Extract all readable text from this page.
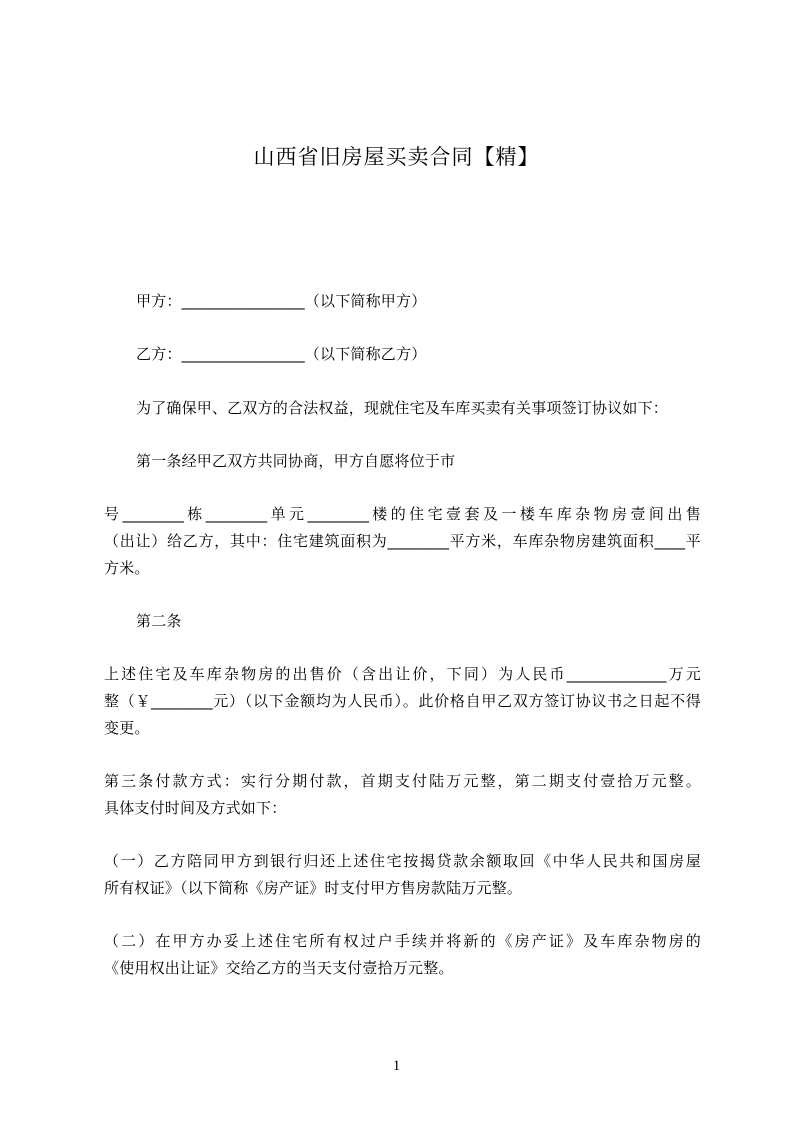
山西省旧房屋买卖合同【精】
甲方：________________（以下简称甲方）
乙方：________________（以下简称乙方）
为了确保甲、乙双方的合法权益，现就住宅及车库买卖有关事项签订协议如下：
第一条经甲乙双方共同协商，甲方自愿将位于市
号________栋________单元________楼的住宅壹套及一楼车库杂物房壹间出售
（出让）给乙方，其中：住宅建筑面积为________平方米，车库杂物房建筑面积____平
方米。
第二条
上述住宅及车库杂物房的出售价（含出让价，下同）为人民币_____________万元
整（￥________元）（以下金额均为人民币）。此价格自甲乙双方签订协议书之日起不得
变更。
第三条付款方式：实行分期付款，首期支付陆万元整，第二期支付壹拾万元整。
具体支付时间及方式如下：
（一）乙方陪同甲方到银行归还上述住宅按揭贷款余额取回《中华人民共和国房屋
所有权证》（以下简称《房产证》时支付甲方售房款陆万元整。
（二）在甲方办妥上述住宅所有权过户手续并将新的《房产证》及车库杂物房的
《使用权出让证》交给乙方的当天支付壹拾万元整。
1
